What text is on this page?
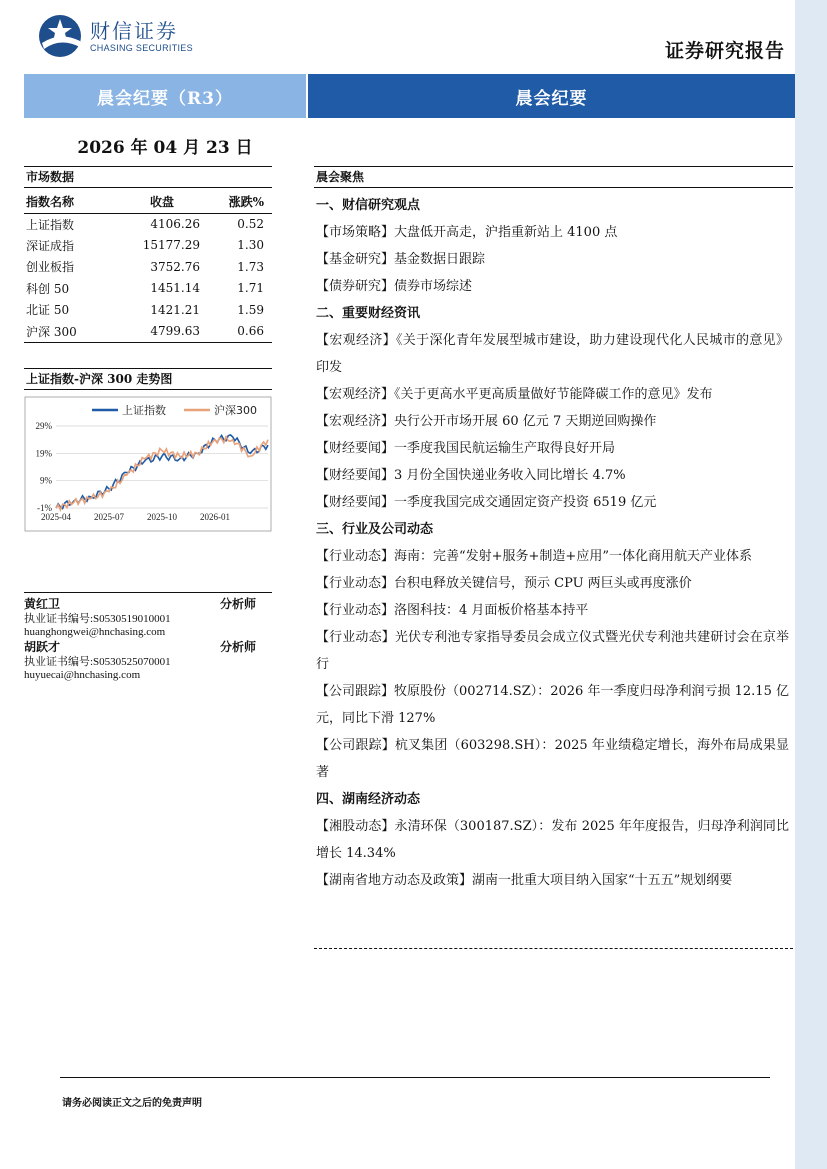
财信证券
CHASING SECURITIES	证券研究报告
晨会纪要（R3）	晨会纪要
2026 年 04 月 23 日
市场数据
指数名称	收盘	涨跌%
上证指数	4106.26	0.52
深证成指	15177.29	1.30
创业板指	3752.76	1.73
科创 50	1451.14	1.71
北证 50	1421.21	1.59
沪深 300	4799.63	0.66
上证指数-沪深 300 走势图
29%
19%
9%
-1%
2025-04	2025-07	2025-10	2026-01
上证指数	沪深300
黄红卫	分析师
执业证书编号:S0530519010001
huanghongwei@hnchasing.com
胡跃才	分析师
执业证书编号:S0530525070001
huyuecai@hnchasing.com
晨会聚焦
一、财信研究观点
【市场策略】大盘低开高走，沪指重新站上 4100 点
【基金研究】基金数据日跟踪
【债券研究】债券市场综述
二、重要财经资讯
【宏观经济】《关于深化青年发展型城市建设，助力建设现代化人民城市的意见》印发
【宏观经济】《关于更高水平更高质量做好节能降碳工作的意见》发布
【宏观经济】央行公开市场开展 60 亿元 7 天期逆回购操作
【财经要闻】一季度我国民航运输生产取得良好开局
【财经要闻】3 月份全国快递业务收入同比增长 4.7%
【财经要闻】一季度我国完成交通固定资产投资 6519 亿元
三、行业及公司动态
【行业动态】海南：完善“发射+服务+制造+应用”一体化商用航天产业体系
【行业动态】台积电释放关键信号，预示 CPU 两巨头或再度涨价
【行业动态】洛图科技：4 月面板价格基本持平
【行业动态】光伏专利池专家指导委员会成立仪式暨光伏专利池共建研讨会在京举行
【公司跟踪】牧原股份（002714.SZ）：2026 年一季度归母净利润亏损 12.15 亿元，同比下滑 127%
【公司跟踪】杭叉集团（603298.SH）：2025 年业绩稳定增长，海外布局成果显著
四、湖南经济动态
【湘股动态】永清环保（300187.SZ）：发布 2025 年年度报告，归母净利润同比增长 14.34%
【湖南省地方动态及政策】湖南一批重大项目纳入国家“十五五”规划纲要
请务必阅读正文之后的免责声明
